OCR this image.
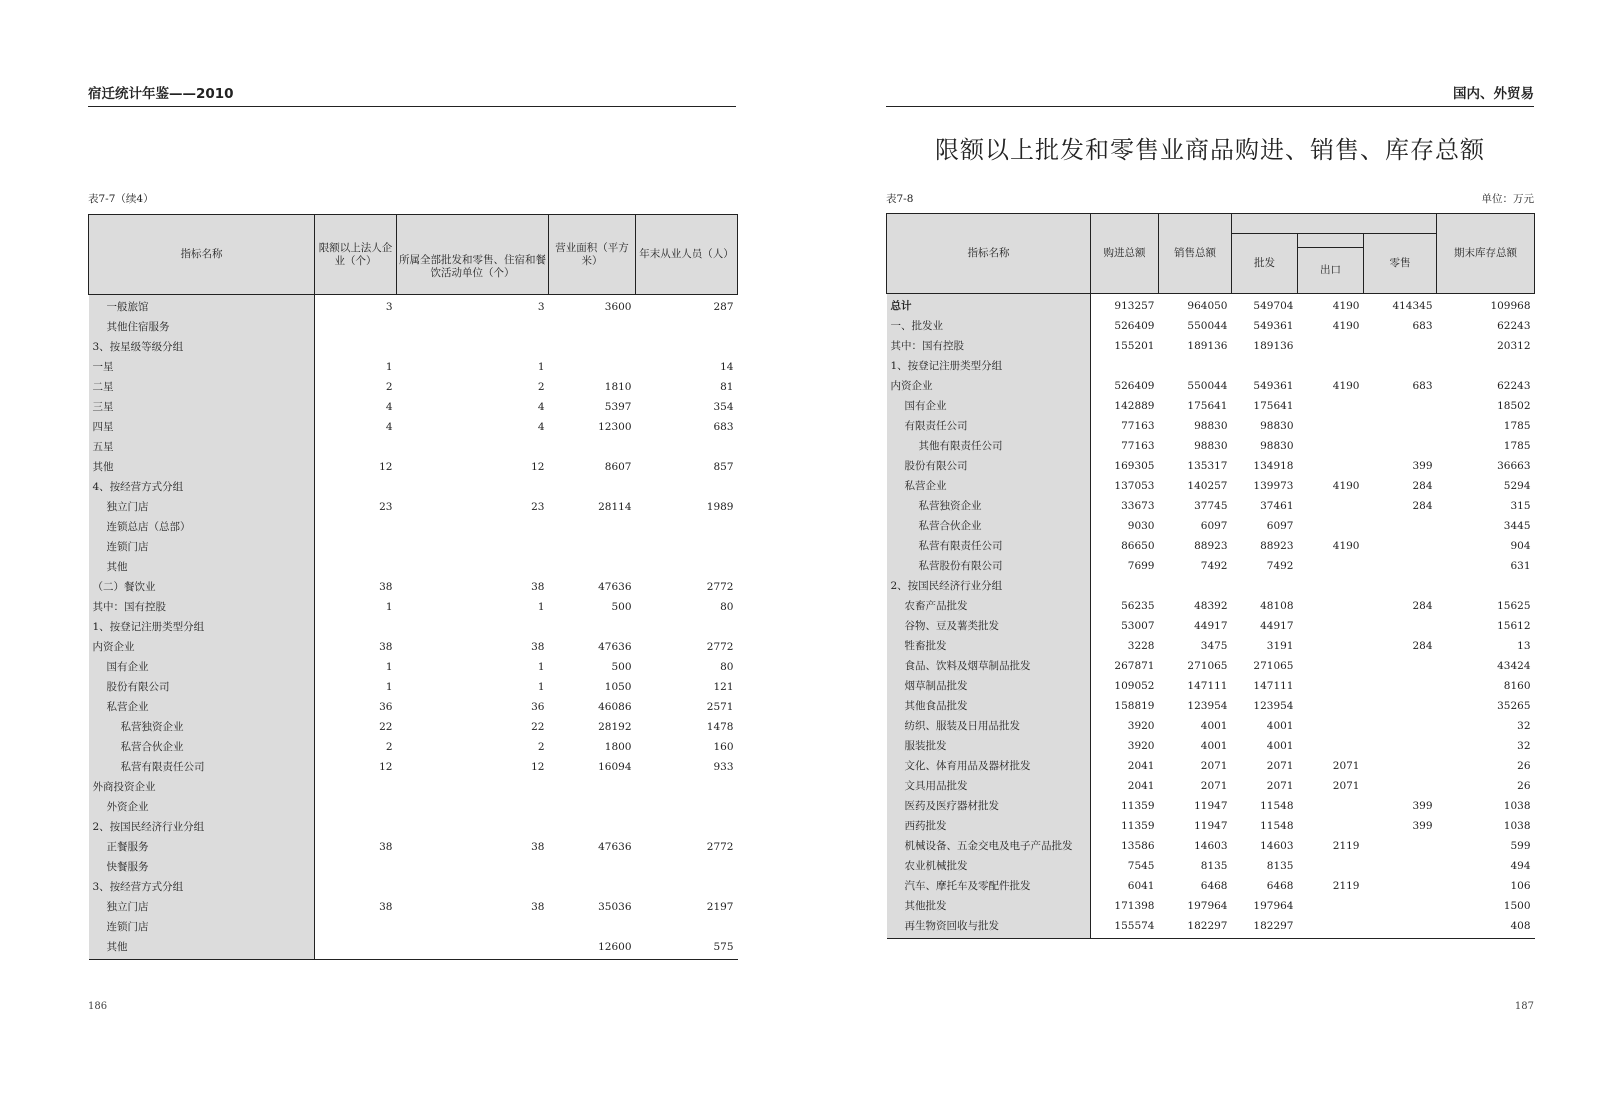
宿迁统计年鉴——2010
表7-7（续4）
指标名称	限额以上法人企业（个）	所属全部批发和零售、住宿和餐饮活动单位（个）	营业面积（平方米）	年末从业人员（人）
一般旅馆	3	3	3600	287
其他住宿服务				
3、按星级等级分组				
一星	1	1		14
二星	2	2	1810	81
三星	4	4	5397	354
四星	4	4	12300	683
五星				
其他	12	12	8607	857
4、按经营方式分组				
独立门店	23	23	28114	1989
连锁总店（总部）				
连锁门店				
其他				
（二）餐饮业	38	38	47636	2772
其中：国有控股	1	1	500	80
1、按登记注册类型分组				
内资企业	38	38	47636	2772
国有企业	1	1	500	80
股份有限公司	1	1	1050	121
私营企业	36	36	46086	2571
私营独资企业	22	22	28192	1478
私营合伙企业	2	2	1800	160
私营有限责任公司	12	12	16094	933
外商投资企业				
外资企业				
2、按国民经济行业分组				
正餐服务	38	38	47636	2772
快餐服务				
3、按经营方式分组				
独立门店	38	38	35036	2197
连锁门店				
其他			12600	575
186
国内、外贸易
限额以上批发和零售业商品购进、销售、库存总额
表7-8	单位：万元
指标名称	购进总额	销售总额				期末库存总额
			批发		零售	
				出口		
总计	913257	964050	549704	4190	414345	109968
一、批发业	526409	550044	549361	4190	683	62243
其中：国有控股	155201	189136	189136			20312
1、按登记注册类型分组						
内资企业	526409	550044	549361	4190	683	62243
国有企业	142889	175641	175641			18502
有限责任公司	77163	98830	98830			1785
其他有限责任公司	77163	98830	98830			1785
股份有限公司	169305	135317	134918		399	36663
私营企业	137053	140257	139973	4190	284	5294
私营独资企业	33673	37745	37461		284	315
私营合伙企业	9030	6097	6097			3445
私营有限责任公司	86650	88923	88923	4190		904
私营股份有限公司	7699	7492	7492			631
2、按国民经济行业分组						
农畜产品批发	56235	48392	48108		284	15625
谷物、豆及薯类批发	53007	44917	44917			15612
牲畜批发	3228	3475	3191		284	13
食品、饮料及烟草制品批发	267871	271065	271065			43424
烟草制品批发	109052	147111	147111			8160
其他食品批发	158819	123954	123954			35265
纺织、服装及日用品批发	3920	4001	4001			32
服装批发	3920	4001	4001			32
文化、体育用品及器材批发	2041	2071	2071	2071		26
文具用品批发	2041	2071	2071	2071		26
医药及医疗器材批发	11359	11947	11548		399	1038
西药批发	11359	11947	11548		399	1038
机械设备、五金交电及电子产品批发	13586	14603	14603	2119		599
农业机械批发	7545	8135	8135			494
汽车、摩托车及零配件批发	6041	6468	6468	2119		106
其他批发	171398	197964	197964			1500
再生物资回收与批发	155574	182297	182297			408
187
